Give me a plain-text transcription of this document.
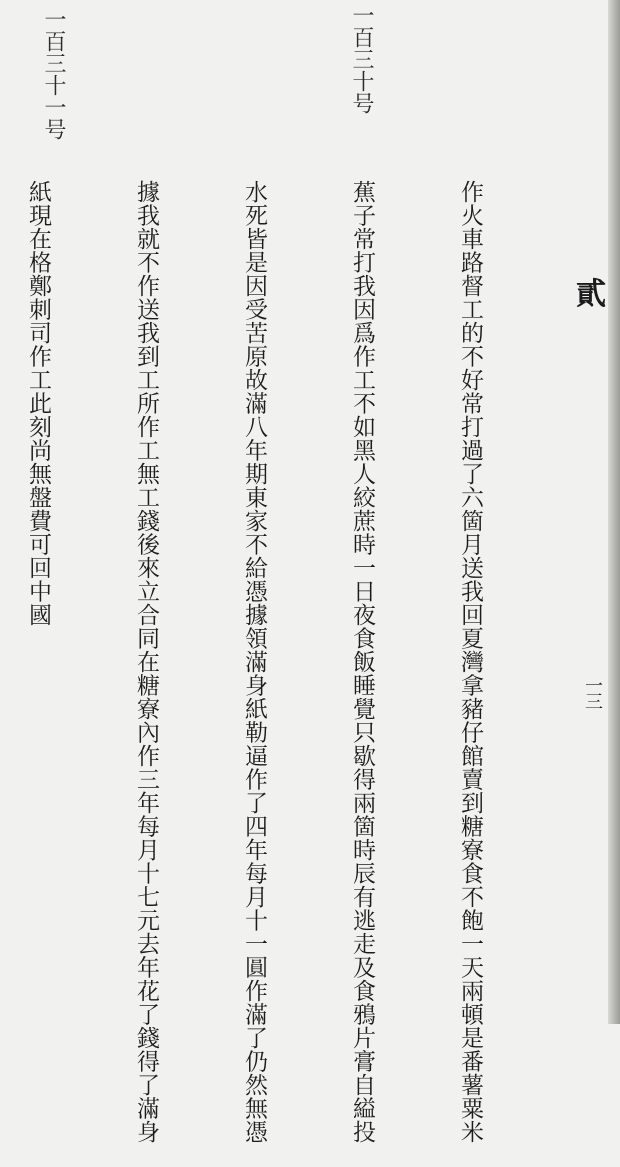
一百三十一号	一百三十号
貳
一三

作火車路督工的不好常打過了六箇月送我回夏灣拿豬仔館賣到糖寮食不飽一天兩頓是番薯粟米

蕉子常打我因爲作工不如黑人絞蔗時一日夜食飯睡覺只歇得兩箇時辰有逃走及食鴉片膏自縊投

水死皆是因受苦原故滿八年期東家不給憑據領滿身紙勒逼作了四年每月十一圓作滿了仍然無憑

據我就不作送我到工所作工無工錢後來立合同在糖寮內作三年每月十七元去年花了錢得了滿身

紙現在格鄭刺司作工此刻尚無盤費可回中國
